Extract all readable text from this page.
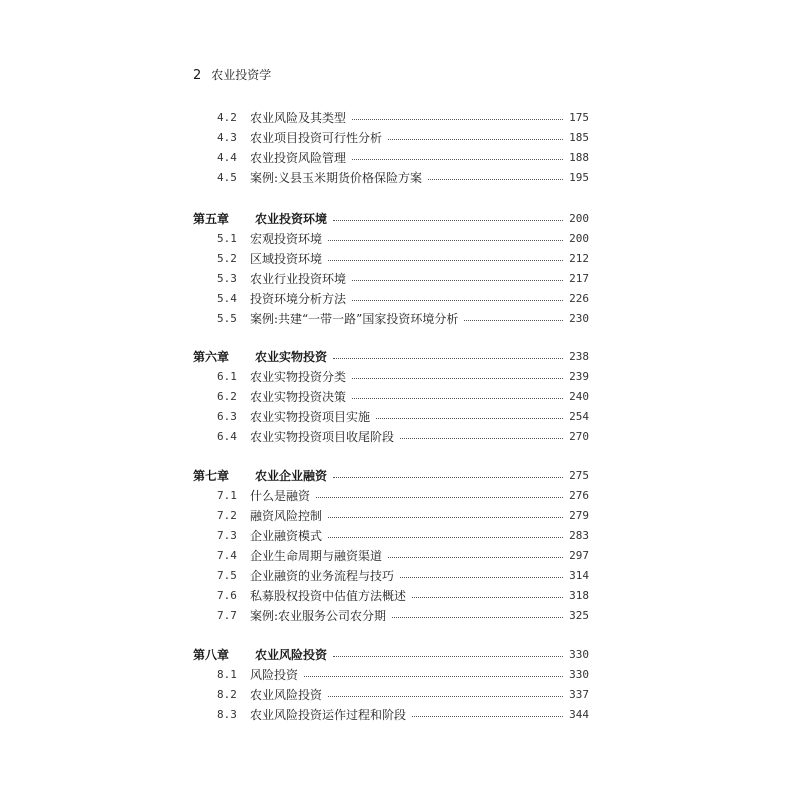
2 农业投资学
4.2	农业风险及其类型	175
4.3	农业项目投资可行性分析	185
4.4	农业投资风险管理	188
4.5	案例:义县玉米期货价格保险方案	195
第五章	农业投资环境	200
5.1	宏观投资环境	200
5.2	区域投资环境	212
5.3	农业行业投资环境	217
5.4	投资环境分析方法	226
5.5	案例:共建“一带一路”国家投资环境分析	230
第六章	农业实物投资	238
6.1	农业实物投资分类	239
6.2	农业实物投资决策	240
6.3	农业实物投资项目实施	254
6.4	农业实物投资项目收尾阶段	270
第七章	农业企业融资	275
7.1	什么是融资	276
7.2	融资风险控制	279
7.3	企业融资模式	283
7.4	企业生命周期与融资渠道	297
7.5	企业融资的业务流程与技巧	314
7.6	私募股权投资中估值方法概述	318
7.7	案例:农业服务公司农分期	325
第八章	农业风险投资	330
8.1	风险投资	330
8.2	农业风险投资	337
8.3	农业风险投资运作过程和阶段	344
